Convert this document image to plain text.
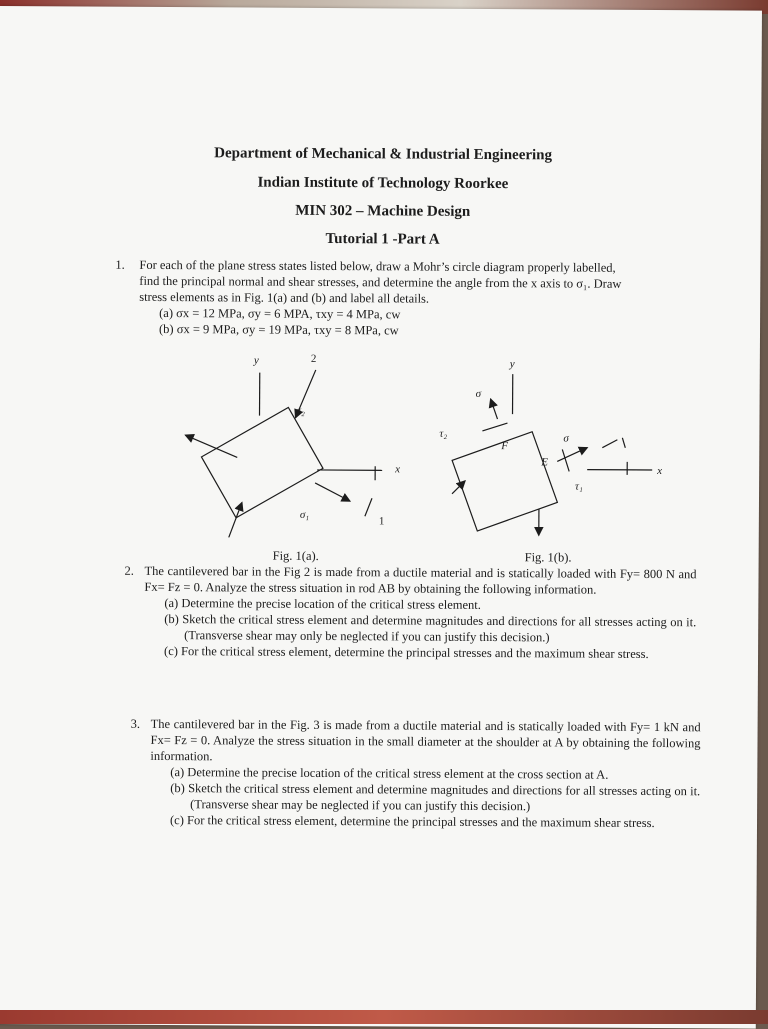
Department of Mechanical & Industrial Engineering
Indian Institute of Technology Roorkee
MIN 302 – Machine Design
Tutorial 1 -Part A
1. For each of the plane stress states listed below, draw a Mohr’s circle diagram properly labelled,
find the principal normal and shear stresses, and determine the angle from the x axis to σ₁. Draw
stress elements as in Fig. 1(a) and (b) and label all details.
(a) σx = 12 MPa, σy = 6 MPA, τxy = 4 MPa, cw
(b) σx = 9 MPa, σy = 19 MPa, τxy = 8 MPa, cw
y	2
σ₂
x
σ₁
1
y
σ
τ₂
F
σ
E
τ₁
x
Fig. 1(a).	Fig. 1(b).
2. The cantilevered bar in the Fig 2 is made from a ductile material and is statically loaded with Fy= 800 N and Fx= Fz = 0. Analyze the stress situation in rod AB by obtaining the following information.
(a) Determine the precise location of the critical stress element.
(b) Sketch the critical stress element and determine magnitudes and directions for all stresses acting on it. (Transverse shear may only be neglected if you can justify this decision.)
(c) For the critical stress element, determine the principal stresses and the maximum shear stress.
3. The cantilevered bar in the Fig. 3 is made from a ductile material and is statically loaded with Fy= 1 kN and Fx= Fz = 0. Analyze the stress situation in the small diameter at the shoulder at A by obtaining the following information.
(a) Determine the precise location of the critical stress element at the cross section at A.
(b) Sketch the critical stress element and determine magnitudes and directions for all stresses acting on it. (Transverse shear may be neglected if you can justify this decision.)
(c) For the critical stress element, determine the principal stresses and the maximum shear stress.
